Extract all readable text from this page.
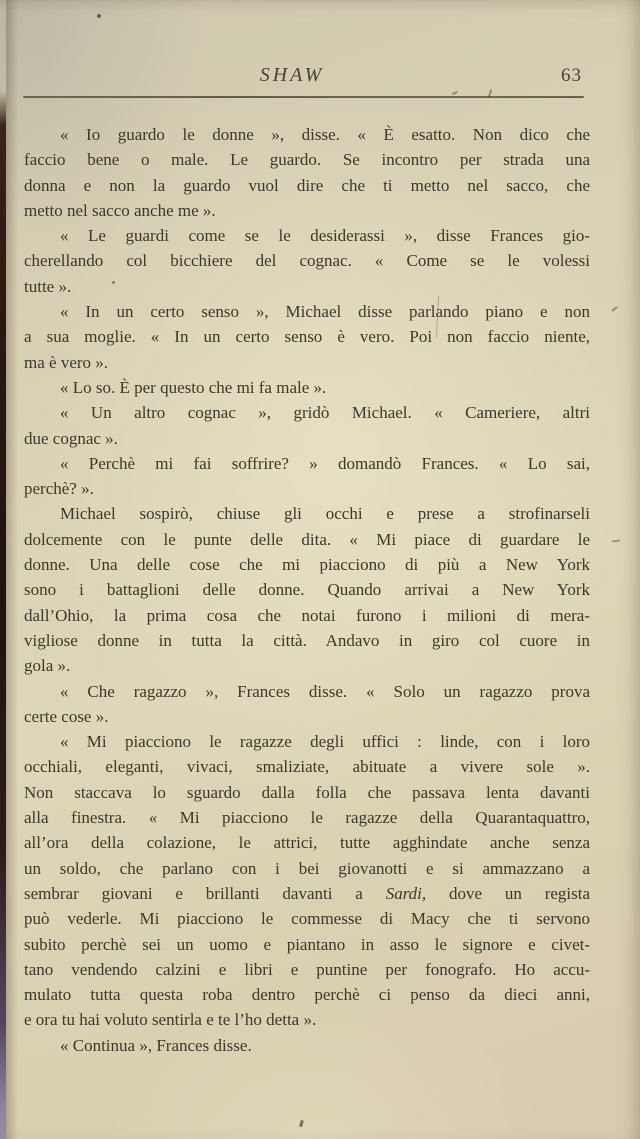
SHAW	63
« Io guardo le donne », disse. « È esatto. Non dico che
faccio bene o male. Le guardo. Se incontro per strada una
donna e non la guardo vuol dire che ti metto nel sacco, che
metto nel sacco anche me ».
« Le guardi come se le desiderassi », disse Frances gio-
cherellando col bicchiere del cognac. « Come se le volessi
tutte ».
« In un certo senso », Michael disse parlando piano e non
a sua moglie. « In un certo senso è vero. Poi non faccio niente,
ma è vero ».
« Lo so. È per questo che mi fa male ».
« Un altro cognac », gridò Michael. « Cameriere, altri
due cognac ».
« Perchè mi fai soffrire? » domandò Frances. « Lo sai,
perchè? ».
Michael sospirò, chiuse gli occhi e prese a strofinarseli
dolcemente con le punte delle dita. « Mi piace di guardare le
donne. Una delle cose che mi piacciono di più a New York
sono i battaglioni delle donne. Quando arrivai a New York
dall’Ohio, la prima cosa che notai furono i milioni di mera-
vigliose donne in tutta la città. Andavo in giro col cuore in
gola ».
« Che ragazzo », Frances disse. « Solo un ragazzo prova
certe cose ».
« Mi piacciono le ragazze degli uffici : linde, con i loro
occhiali, eleganti, vivaci, smaliziate, abituate a vivere sole ».
Non staccava lo sguardo dalla folla che passava lenta davanti
alla finestra. « Mi piacciono le ragazze della Quarantaquattro,
all’ora della colazione, le attrici, tutte agghindate anche senza
un soldo, che parlano con i bei giovanotti e si ammazzano a
sembrar giovani e brillanti davanti a Sardi, dove un regista
può vederle. Mi piacciono le commesse di Macy che ti servono
subito perchè sei un uomo e piantano in asso le signore e civet-
tano vendendo calzini e libri e puntine per fonografo. Ho accu-
mulato tutta questa roba dentro perchè ci penso da dieci anni,
e ora tu hai voluto sentirla e te l’ho detta ».
« Continua », Frances disse.
